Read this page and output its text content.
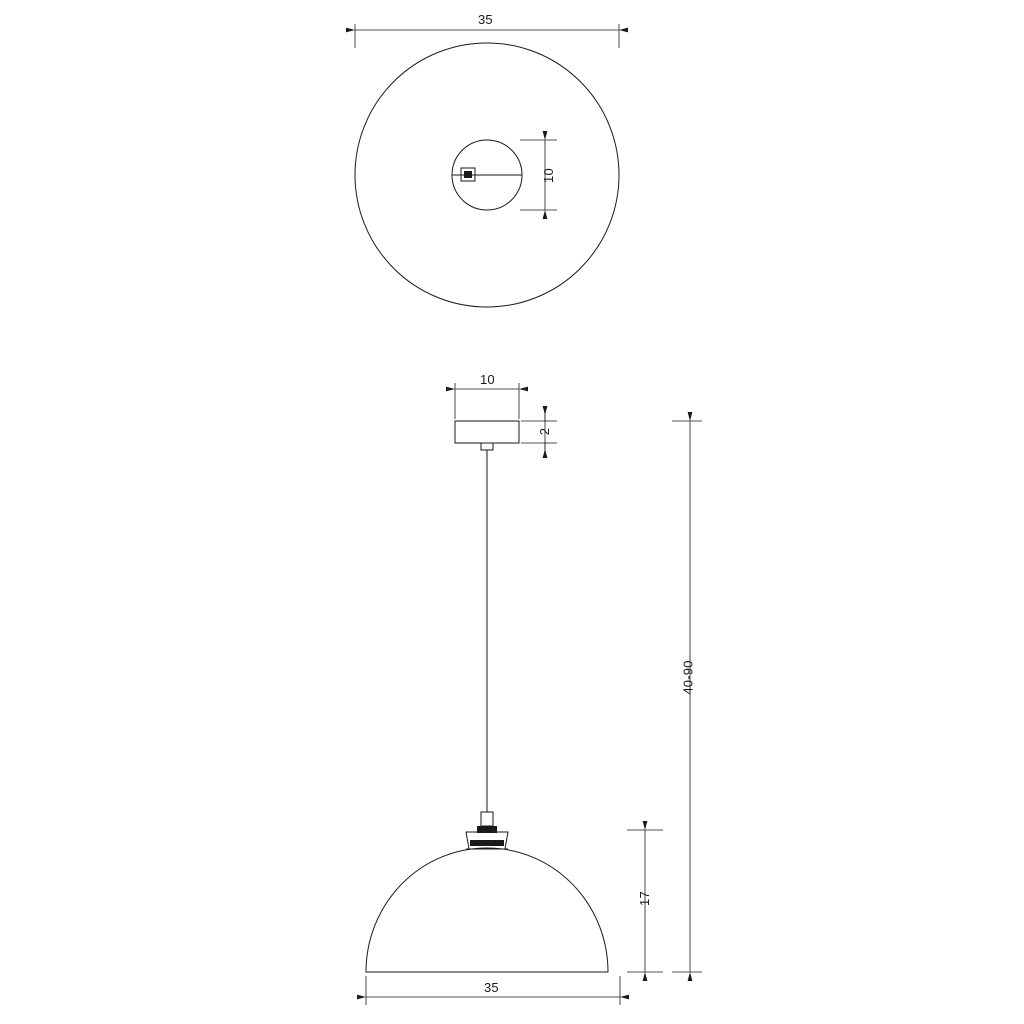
35
10
10
2
40-90
17
35
